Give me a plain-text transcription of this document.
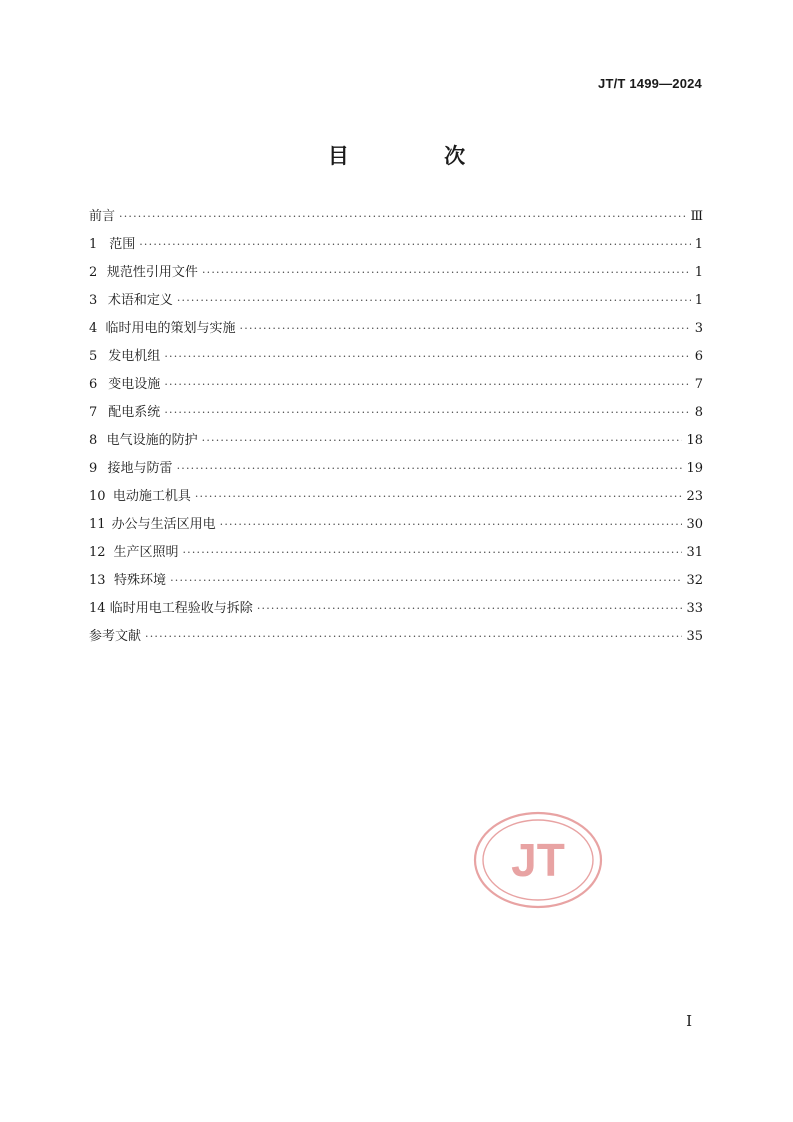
JT/T 1499—2024
目 次
前言 ·····	Ⅲ
1 范围 ·····	1
2 规范性引用文件 ·····	1
3 术语和定义 ·····	1
4 临时用电的策划与实施 ·····	3
5 发电机组 ·····	6
6 变电设施 ·····	7
7 配电系统 ·····	8
8 电气设施的防护 ·····	18
9 接地与防雷 ·····	19
10 电动施工机具 ·····	23
11 办公与生活区用电 ·····	30
12 生产区照明 ·····	31
13 特殊环境 ·····	32
14 临时用电工程验收与拆除 ·····	33
参考文献 ·····	35
JT
I
